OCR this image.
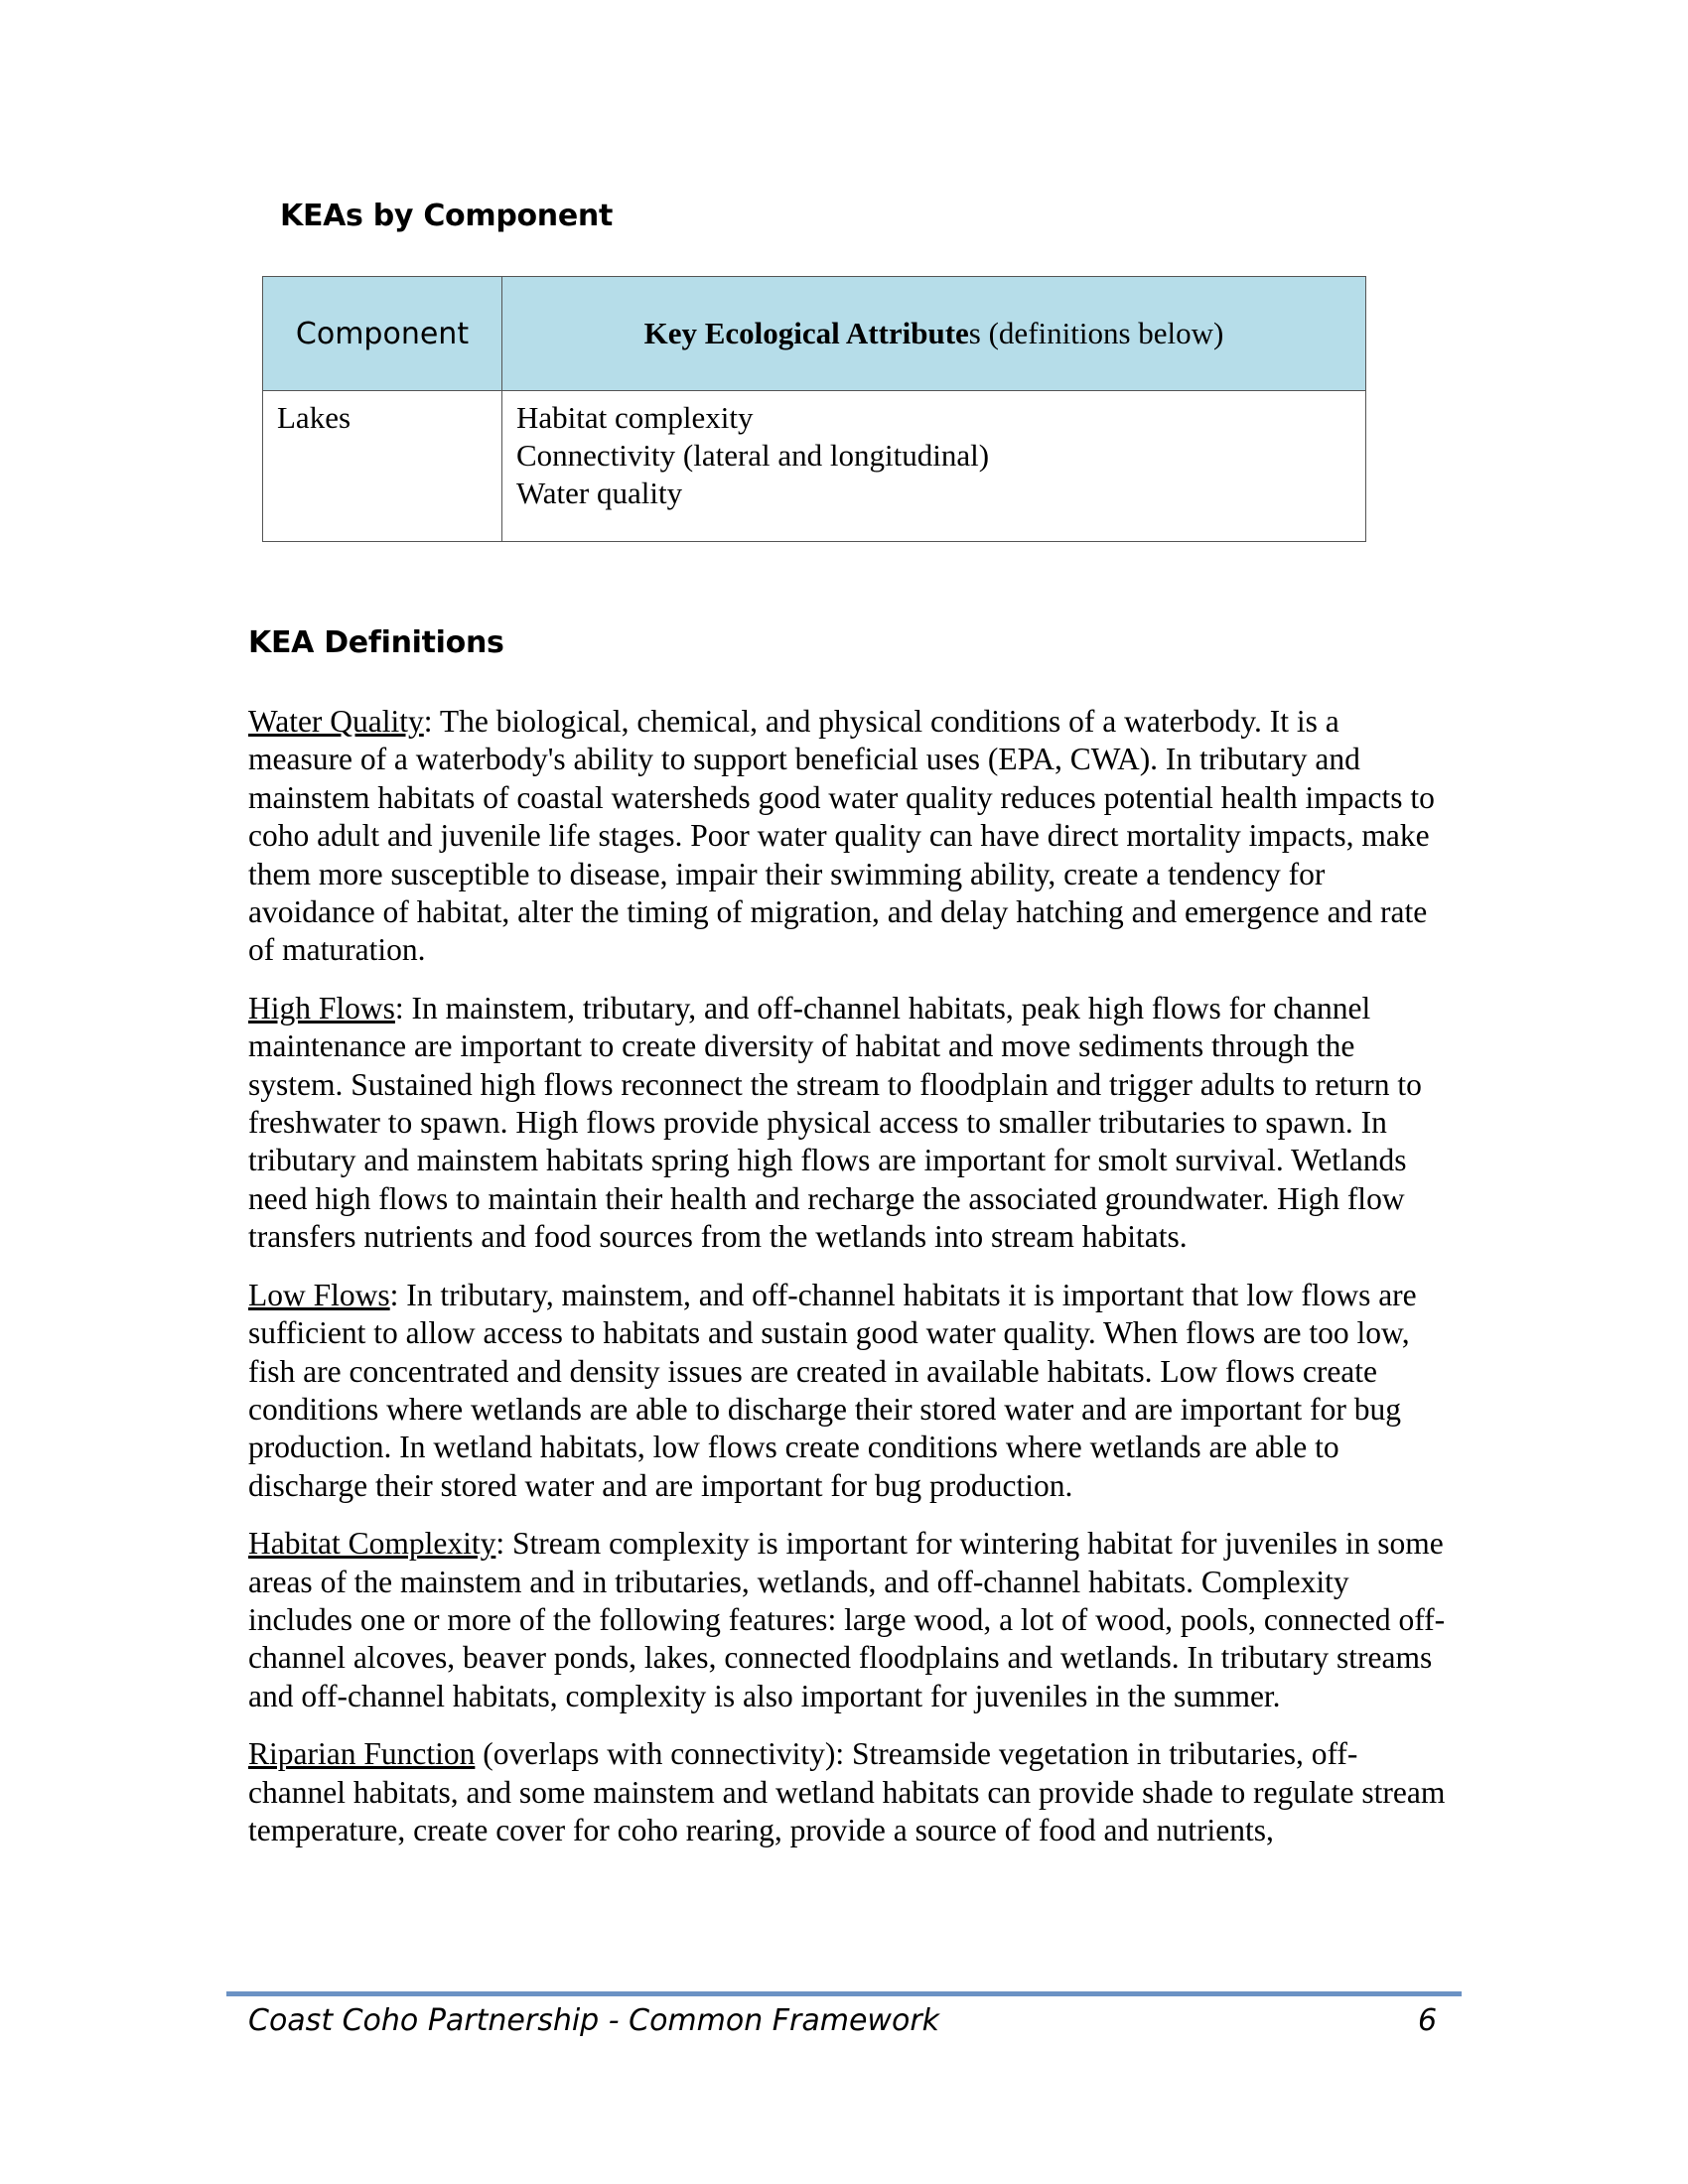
KEAs by Component
Component	Key Ecological Attributes (definitions below)
Lakes	Habitat complexity
Connectivity (lateral and longitudinal)
Water quality
KEA Definitions

Water Quality: The biological, chemical, and physical conditions of a waterbody. It is a measure of a waterbody's ability to support beneficial uses (EPA, CWA). In tributary and mainstem habitats of coastal watersheds good water quality reduces potential health impacts to coho adult and juvenile life stages. Poor water quality can have direct mortality impacts, make them more susceptible to disease, impair their swimming ability, create a tendency for avoidance of habitat, alter the timing of migration, and delay hatching and emergence and rate of maturation.

High Flows: In mainstem, tributary, and off-channel habitats, peak high flows for channel maintenance are important to create diversity of habitat and move sediments through the system. Sustained high flows reconnect the stream to floodplain and trigger adults to return to freshwater to spawn. High flows provide physical access to smaller tributaries to spawn. In tributary and mainstem habitats spring high flows are important for smolt survival. Wetlands need high flows to maintain their health and recharge the associated groundwater. High flow transfers nutrients and food sources from the wetlands into stream habitats.

Low Flows: In tributary, mainstem, and off-channel habitats it is important that low flows are sufficient to allow access to habitats and sustain good water quality. When flows are too low, fish are concentrated and density issues are created in available habitats. Low flows create conditions where wetlands are able to discharge their stored water and are important for bug production. In wetland habitats, low flows create conditions where wetlands are able to discharge their stored water and are important for bug production.

Habitat Complexity: Stream complexity is important for wintering habitat for juveniles in some areas of the mainstem and in tributaries, wetlands, and off-channel habitats. Complexity includes one or more of the following features: large wood, a lot of wood, pools, connected off-channel alcoves, beaver ponds, lakes, connected floodplains and wetlands. In tributary streams and off-channel habitats, complexity is also important for juveniles in the summer.

Riparian Function (overlaps with connectivity): Streamside vegetation in tributaries, off-channel habitats, and some mainstem and wetland habitats can provide shade to regulate stream temperature, create cover for coho rearing, provide a source of food and nutrients,

Coast Coho Partnership - Common Framework	6
